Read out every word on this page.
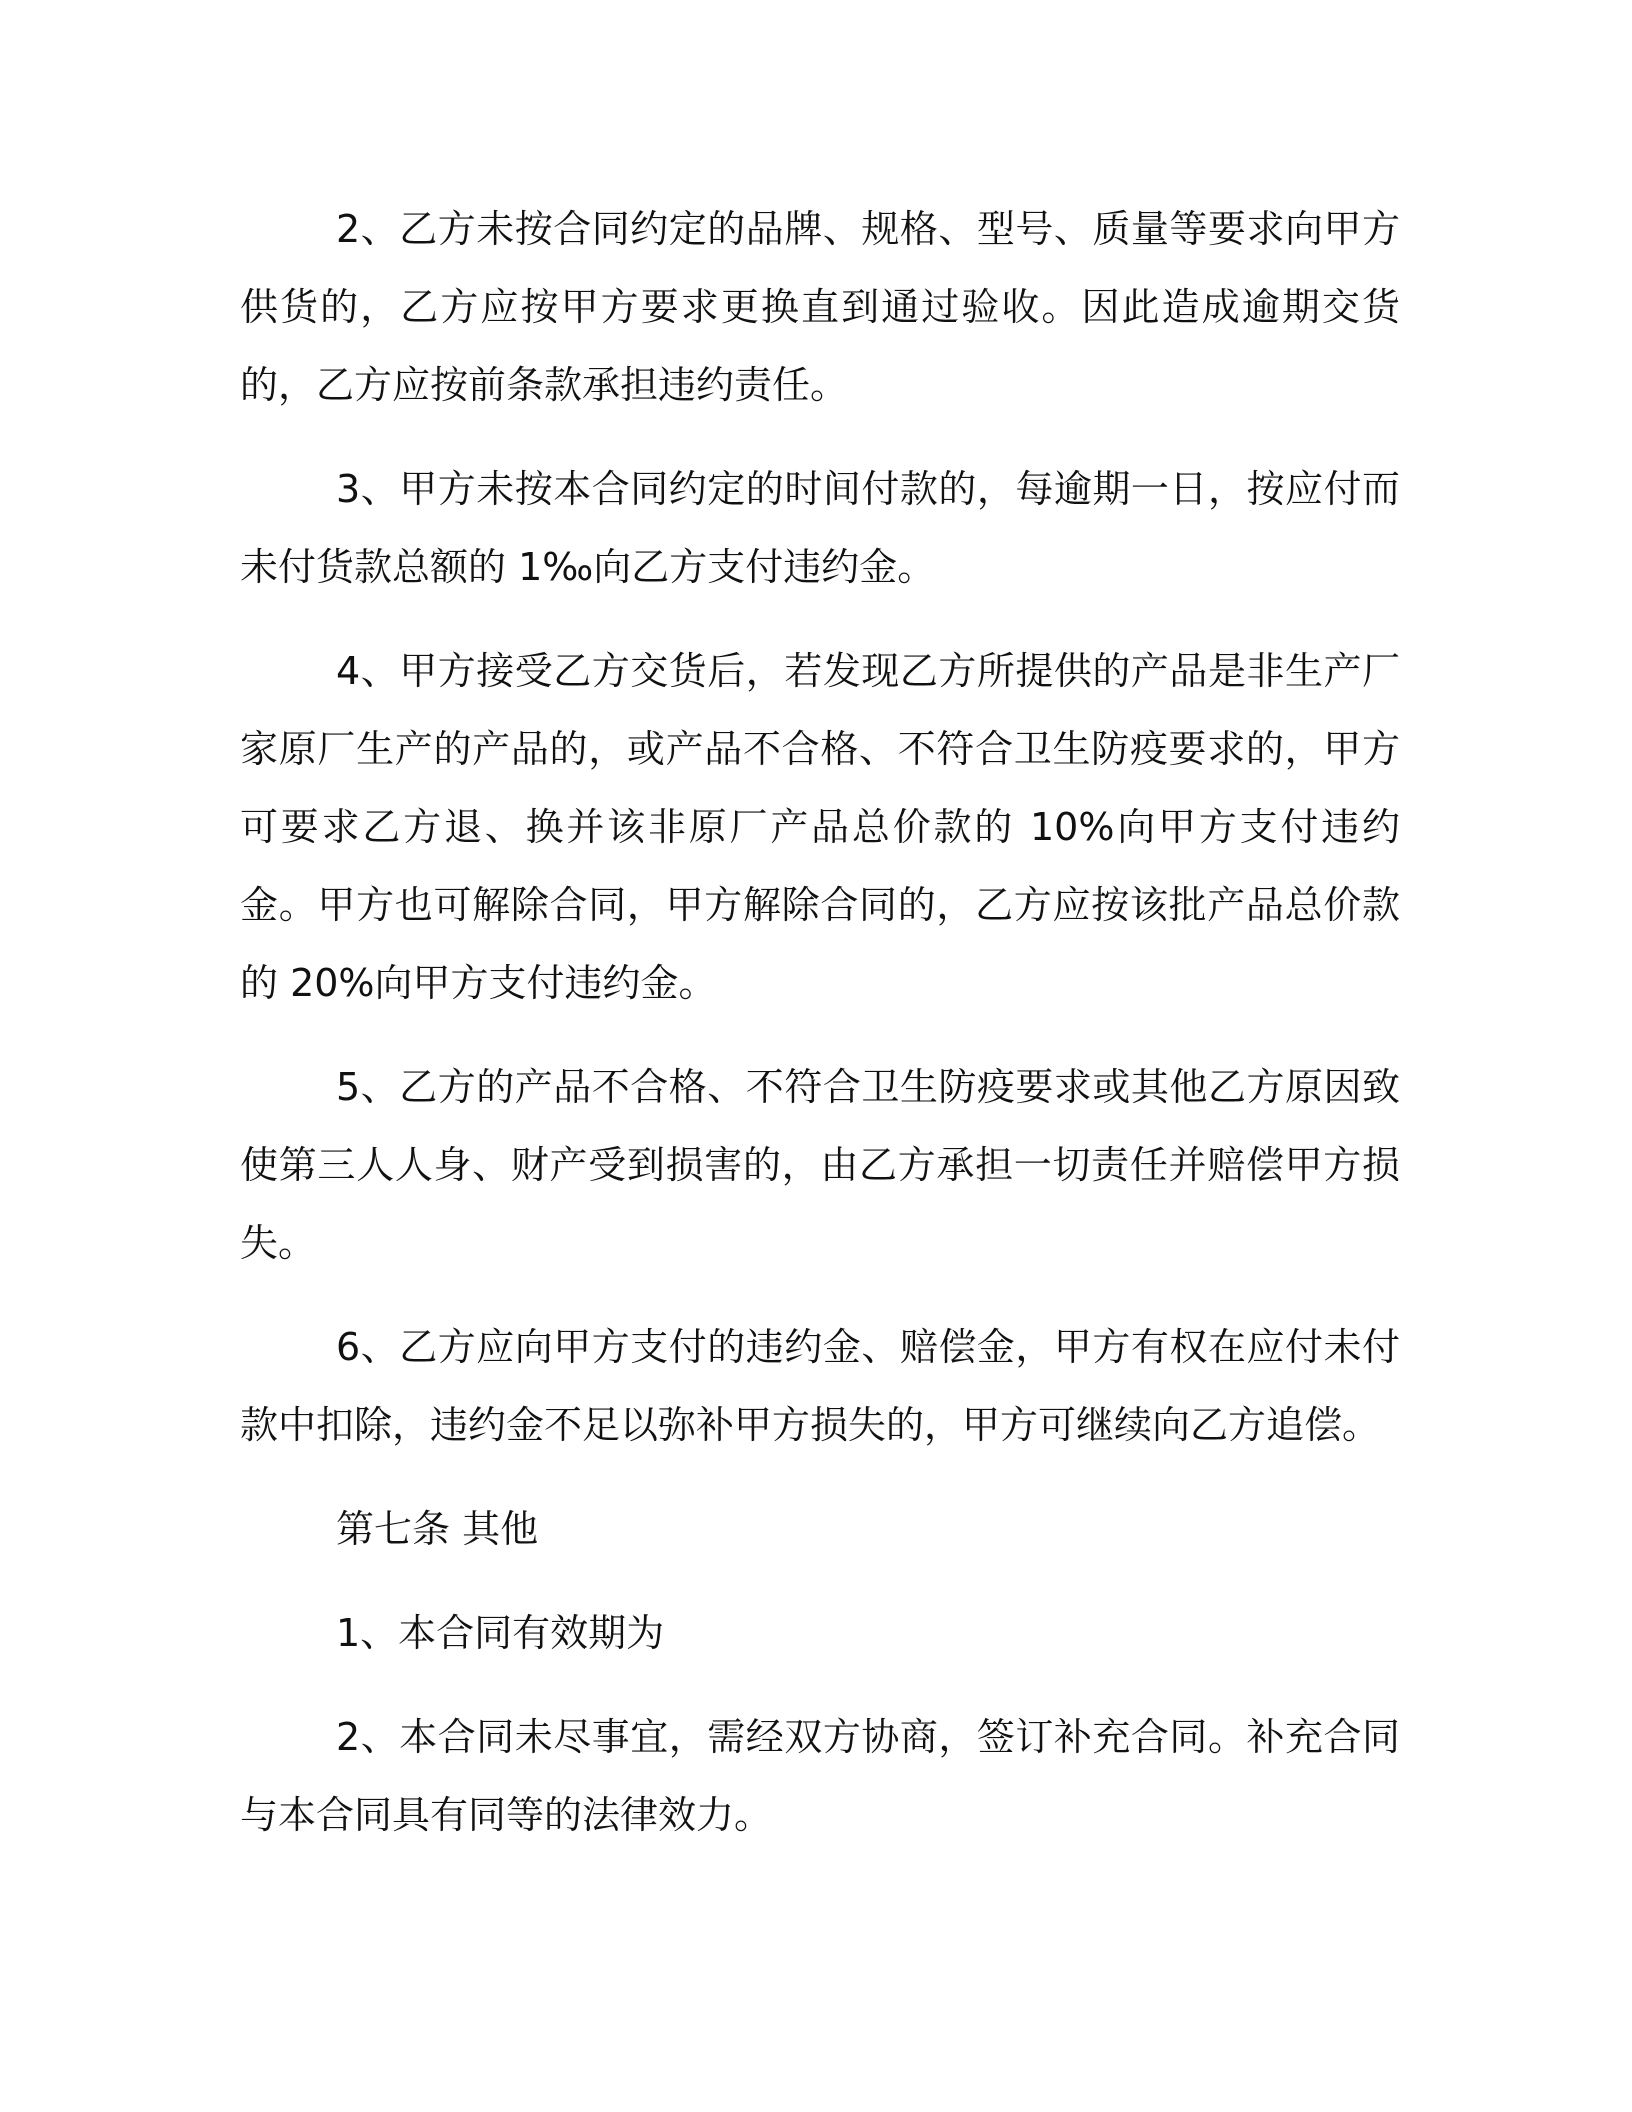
2、乙方未按合同约定的品牌、规格、型号、质量等要求向甲方供货的，乙方应按甲方要求更换直到通过验收。因此造成逾期交货的，乙方应按前条款承担违约责任。

3、甲方未按本合同约定的时间付款的，每逾期一日，按应付而未付货款总额的 1‰向乙方支付违约金。

4、甲方接受乙方交货后，若发现乙方所提供的产品是非生产厂家原厂生产的产品的，或产品不合格、不符合卫生防疫要求的，甲方可要求乙方退、换并该非原厂产品总价款的 10%向甲方支付违约金。甲方也可解除合同，甲方解除合同的，乙方应按该批产品总价款的 20%向甲方支付违约金。

5、乙方的产品不合格、不符合卫生防疫要求或其他乙方原因致使第三人人身、财产受到损害的，由乙方承担一切责任并赔偿甲方损失。

6、乙方应向甲方支付的违约金、赔偿金，甲方有权在应付未付款中扣除，违约金不足以弥补甲方损失的，甲方可继续向乙方追偿。

第七条 其他

1、本合同有效期为

2、本合同未尽事宜，需经双方协商，签订补充合同。补充合同与本合同具有同等的法律效力。
